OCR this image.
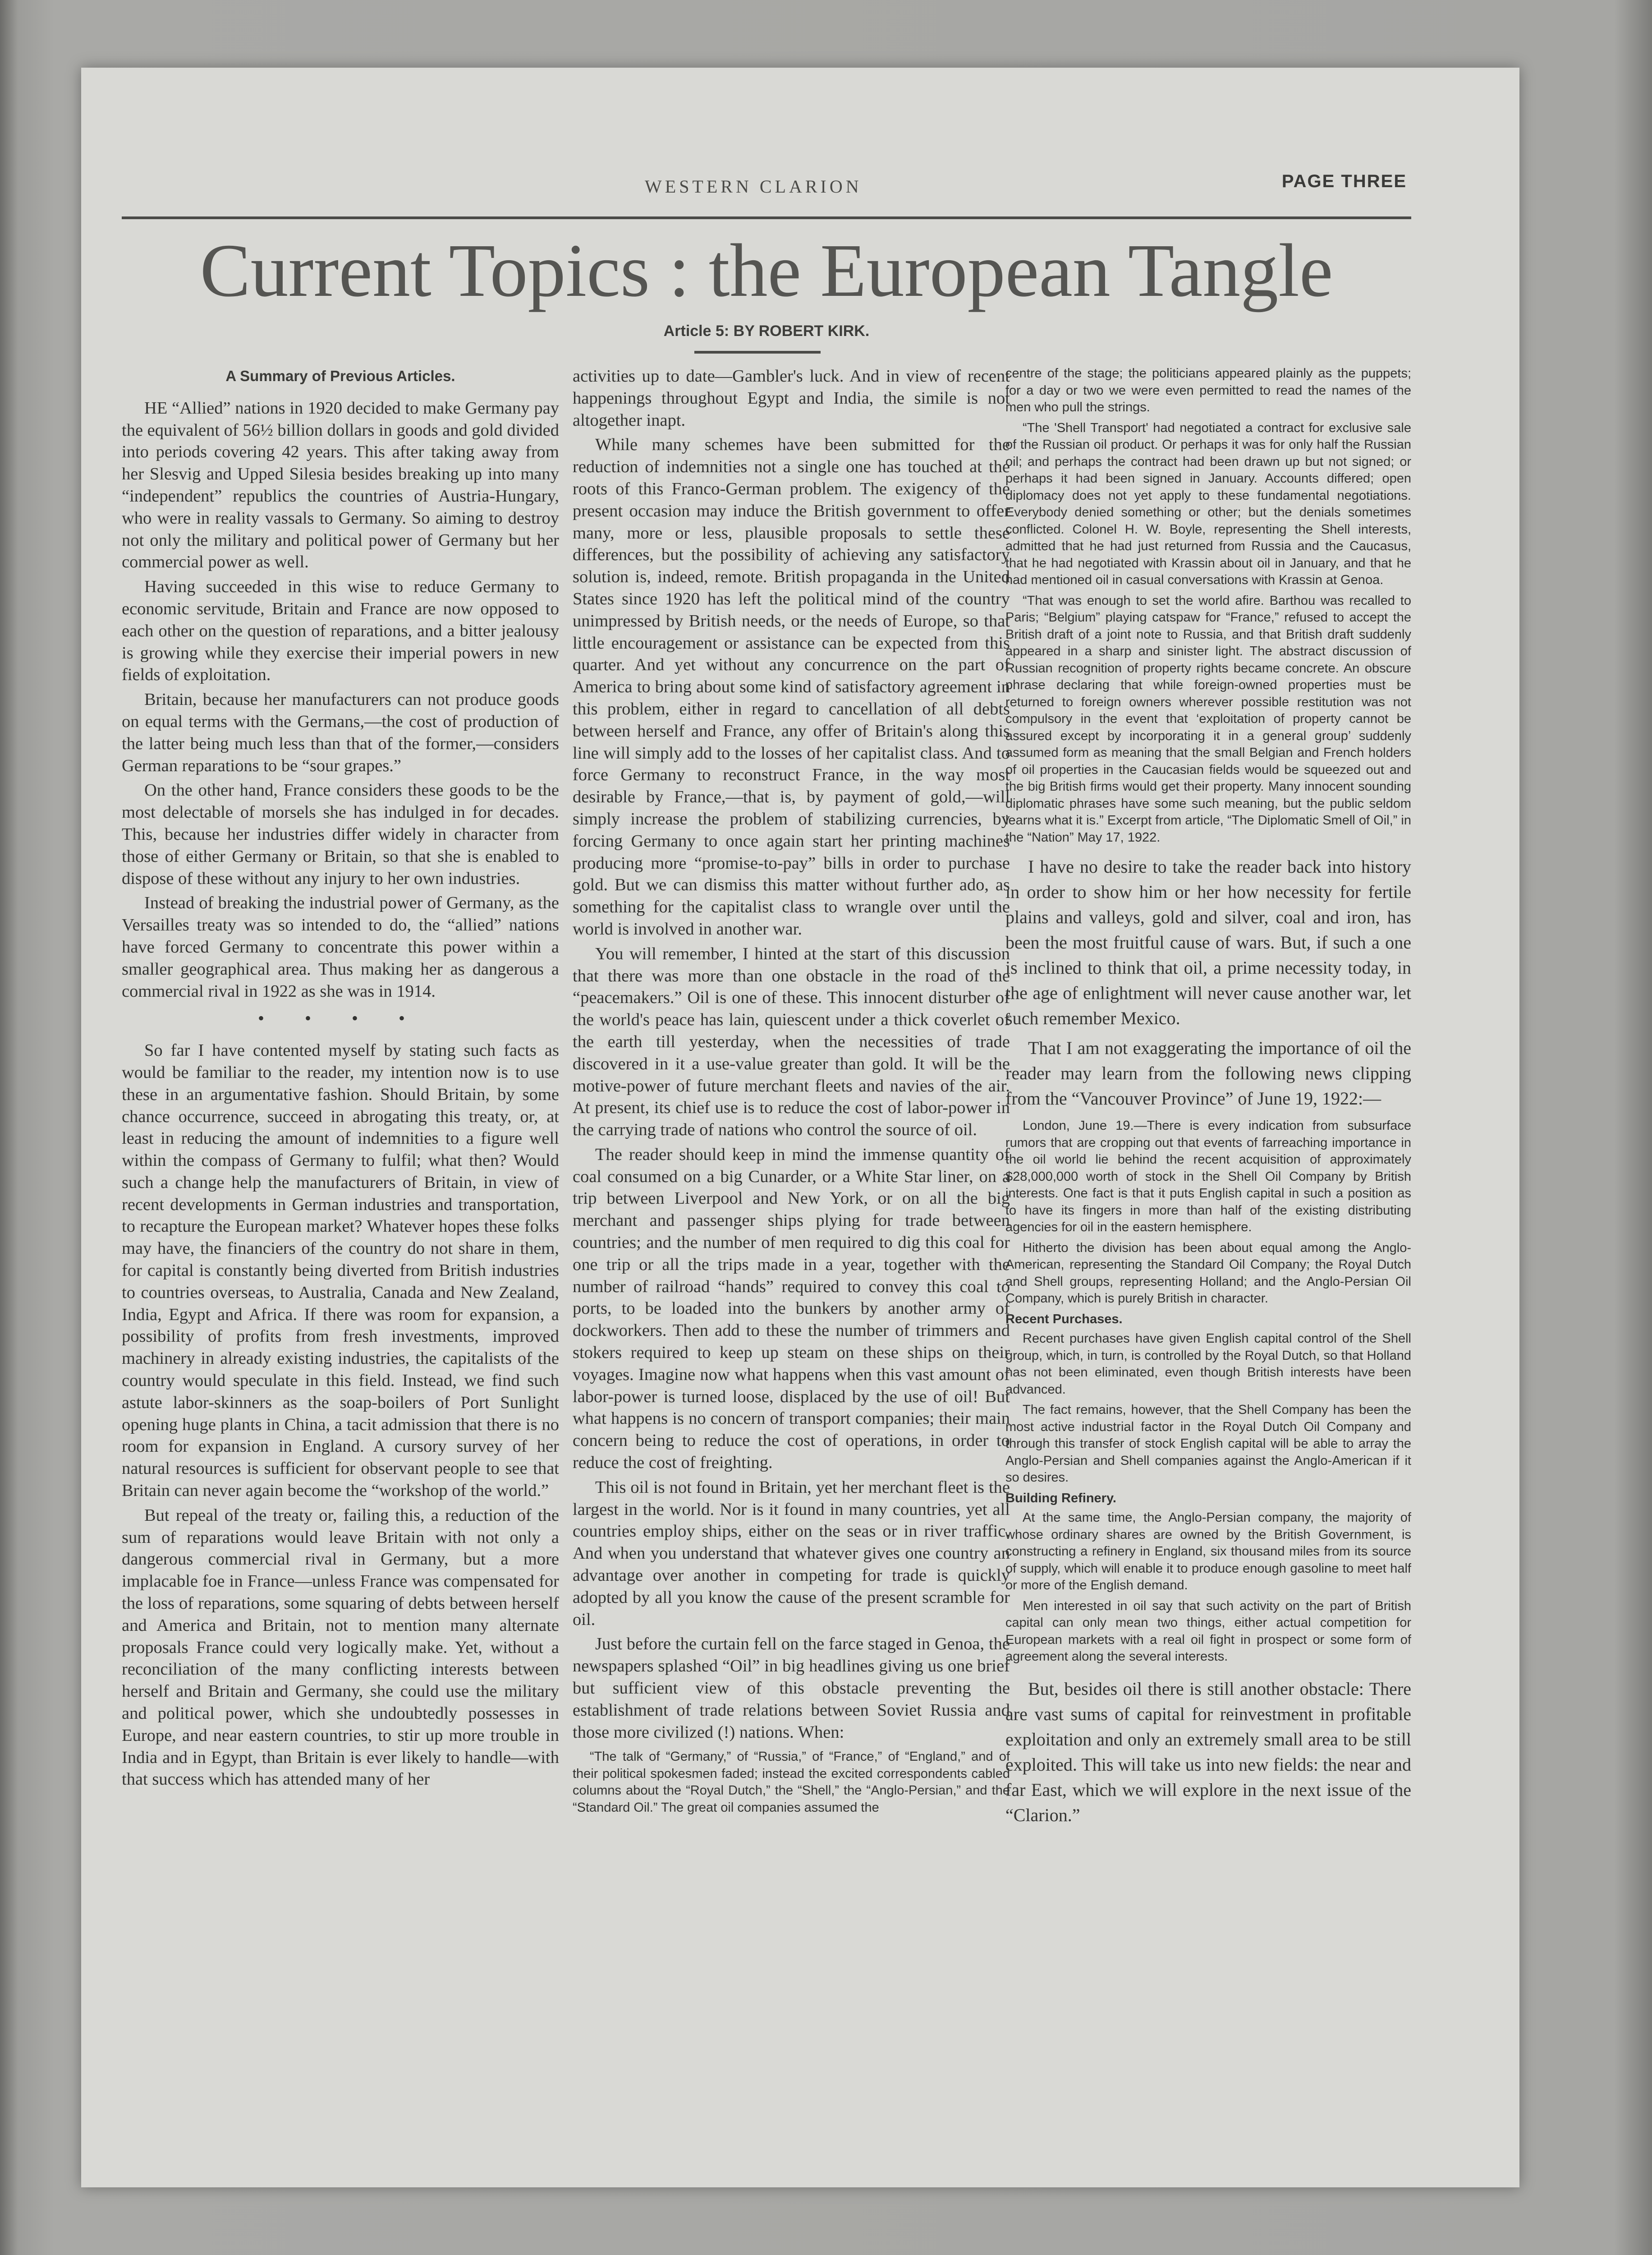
WESTERN CLARION	PAGE THREE
Current Topics : the European Tangle
Article 5: BY ROBERT KIRK.
A Summary of Previous Articles.

HE “Allied” nations in 1920 decided to make Germany pay the equivalent of 56½ billion dollars in goods and gold divided into periods covering 42 years. This after taking away from her Slesvig and Upped Silesia besides breaking up into many “independent” republics the countries of Austria-Hungary, who were in reality vassals to Germany. So aiming to destroy not only the military and political power of Germany but her commercial power as well.

Having succeeded in this wise to reduce Germany to economic servitude, Britain and France are now opposed to each other on the question of reparations, and a bitter jealousy is growing while they exercise their imperial powers in new fields of exploitation.

Britain, because her manufacturers can not produce goods on equal terms with the Germans,—the cost of production of the latter being much less than that of the former,—considers German reparations to be “sour grapes.”

On the other hand, France considers these goods to be the most delectable of morsels she has indulged in for decades. This, because her industries differ widely in character from those of either Germany or Britain, so that she is enabled to dispose of these without any injury to her own industries.

Instead of breaking the industrial power of Germany, as the Versailles treaty was so intended to do, the “allied” nations have forced Germany to concentrate this power within a smaller geographical area. Thus making her as dangerous a commercial rival in 1922 as she was in 1914.

• • • •

So far I have contented myself by stating such facts as would be familiar to the reader, my intention now is to use these in an argumentative fashion. Should Britain, by some chance occurrence, succeed in abrogating this treaty, or, at least in reducing the amount of indemnities to a figure well within the compass of Germany to fulfil; what then? Would such a change help the manufacturers of Britain, in view of recent developments in German industries and transportation, to recapture the European market? Whatever hopes these folks may have, the financiers of the country do not share in them, for capital is constantly being diverted from British industries to countries overseas, to Australia, Canada and New Zealand, India, Egypt and Africa. If there was room for expansion, a possibility of profits from fresh investments, improved machinery in already existing industries, the capitalists of the country would speculate in this field. Instead, we find such astute labor-skinners as the soap-boilers of Port Sunlight opening huge plants in China, a tacit admission that there is no room for expansion in England. A cursory survey of her natural resources is sufficient for observant people to see that Britain can never again become the “workshop of the world.”

But repeal of the treaty or, failing this, a reduction of the sum of reparations would leave Britain with not only a dangerous commercial rival in Germany, but a more implacable foe in France—unless France was compensated for the loss of reparations, some squaring of debts between herself and America and Britain, not to mention many alternate proposals France could very logically make. Yet, without a reconciliation of the many conflicting interests between herself and Britain and Germany, she could use the military and political power, which she undoubtedly possesses in Europe, and near eastern countries, to stir up more trouble in India and in Egypt, than Britain is ever likely to handle—with that success which has attended many of her

activities up to date—Gambler's luck. And in view of recent happenings throughout Egypt and India, the simile is not altogether inapt.

While many schemes have been submitted for the reduction of indemnities not a single one has touched at the roots of this Franco-German problem. The exigency of the present occasion may induce the British government to offer many, more or less, plausible proposals to settle these differences, but the possibility of achieving any satisfactory solution is, indeed, remote. British propaganda in the United States since 1920 has left the political mind of the country unimpressed by British needs, or the needs of Europe, so that little encouragement or assistance can be expected from this quarter. And yet without any concurrence on the part of America to bring about some kind of satisfactory agreement in this problem, either in regard to cancellation of all debts between herself and France, any offer of Britain's along this line will simply add to the losses of her capitalist class. And to force Germany to reconstruct France, in the way most desirable by France,—that is, by payment of gold,—will simply increase the problem of stabilizing currencies, by forcing Germany to once again start her printing machines producing more “promise-to-pay” bills in order to purchase gold. But we can dismiss this matter without further ado, as something for the capitalist class to wrangle over until the world is involved in another war.

You will remember, I hinted at the start of this discussion that there was more than one obstacle in the road of the “peacemakers.” Oil is one of these. This innocent disturber of the world's peace has lain, quiescent under a thick coverlet of the earth till yesterday, when the necessities of trade discovered in it a use-value greater than gold. It will be the motive-power of future merchant fleets and navies of the air. At present, its chief use is to reduce the cost of labor-power in the carrying trade of nations who control the source of oil.

The reader should keep in mind the immense quantity of coal consumed on a big Cunarder, or a White Star liner, on a trip between Liverpool and New York, or on all the big merchant and passenger ships plying for trade between countries; and the number of men required to dig this coal for one trip or all the trips made in a year, together with the number of railroad “hands” required to convey this coal to ports, to be loaded into the bunkers by another army of dockworkers. Then add to these the number of trimmers and stokers required to keep up steam on these ships on their voyages. Imagine now what happens when this vast amount of labor-power is turned loose, displaced by the use of oil! But what happens is no concern of transport companies; their main concern being to reduce the cost of operations, in order to reduce the cost of freighting.

This oil is not found in Britain, yet her merchant fleet is the largest in the world. Nor is it found in many countries, yet all countries employ ships, either on the seas or in river traffic. And when you understand that whatever gives one country an advantage over another in competing for trade is quickly adopted by all you know the cause of the present scramble for oil.

Just before the curtain fell on the farce staged in Genoa, the newspapers splashed “Oil” in big headlines giving us one brief but sufficient view of this obstacle preventing the establishment of trade relations between Soviet Russia and those more civilized (!) nations. When:

“The talk of “Germany,” of “Russia,” of “France,” of “England,” and of their political spokesmen faded; instead the excited correspondents cabled columns about the “Royal Dutch,” the “Shell,” the “Anglo-Persian,” and the “Standard Oil.” The great oil companies assumed the

centre of the stage; the politicians appeared plainly as the puppets; for a day or two we were even permitted to read the names of the men who pull the strings.

“The 'Shell Transport' had negotiated a contract for exclusive sale of the Russian oil product. Or perhaps it was for only half the Russian oil; and perhaps the contract had been drawn up but not signed; or perhaps it had been signed in January. Accounts differed; open diplomacy does not yet apply to these fundamental negotiations. Everybody denied something or other; but the denials sometimes conflicted. Colonel H. W. Boyle, representing the Shell interests, admitted that he had just returned from Russia and the Caucasus, that he had negotiated with Krassin about oil in January, and that he had mentioned oil in casual conversations with Krassin at Genoa.

“That was enough to set the world afire. Barthou was recalled to Paris; “Belgium” playing catspaw for “France,” refused to accept the British draft of a joint note to Russia, and that British draft suddenly appeared in a sharp and sinister light. The abstract discussion of Russian recognition of property rights became concrete. An obscure phrase declaring that while foreign-owned properties must be returned to foreign owners wherever possible restitution was not compulsory in the event that ‘exploitation of property cannot be assured except by incorporating it in a general group’ suddenly assumed form as meaning that the small Belgian and French holders of oil properties in the Caucasian fields would be squeezed out and the big British firms would get their property. Many innocent sounding diplomatic phrases have some such meaning, but the public seldom learns what it is.” Excerpt from article, “The Diplomatic Smell of Oil,” in the “Nation” May 17, 1922.

I have no desire to take the reader back into history in order to show him or her how necessity for fertile plains and valleys, gold and silver, coal and iron, has been the most fruitful cause of wars. But, if such a one is inclined to think that oil, a prime necessity today, in the age of enlightment will never cause another war, let such remember Mexico.

That I am not exaggerating the importance of oil the reader may learn from the following news clipping from the “Vancouver Province” of June 19, 1922:—

London, June 19.—There is every indication from subsurface rumors that are cropping out that events of farreaching importance in the oil world lie behind the recent acquisition of approximately $28,000,000 worth of stock in the Shell Oil Company by British interests. One fact is that it puts English capital in such a position as to have its fingers in more than half of the existing distributing agencies for oil in the eastern hemisphere.

Hitherto the division has been about equal among the Anglo-American, representing the Standard Oil Company; the Royal Dutch and Shell groups, representing Holland; and the Anglo-Persian Oil Company, which is purely British in character.

Recent Purchases.

Recent purchases have given English capital control of the Shell group, which, in turn, is controlled by the Royal Dutch, so that Holland has not been eliminated, even though British interests have been advanced.

The fact remains, however, that the Shell Company has been the most active industrial factor in the Royal Dutch Oil Company and through this transfer of stock English capital will be able to array the Anglo-Persian and Shell companies against the Anglo-American if it so desires.

Building Refinery.

At the same time, the Anglo-Persian company, the majority of whose ordinary shares are owned by the British Government, is constructing a refinery in England, six thousand miles from its source of supply, which will enable it to produce enough gasoline to meet half or more of the English demand.

Men interested in oil say that such activity on the part of British capital can only mean two things, either actual competition for European markets with a real oil fight in prospect or some form of agreement along the several interests.

But, besides oil there is still another obstacle: There are vast sums of capital for reinvestment in profitable exploitation and only an extremely small area to be still exploited. This will take us into new fields: the near and far East, which we will explore in the next issue of the “Clarion.”
